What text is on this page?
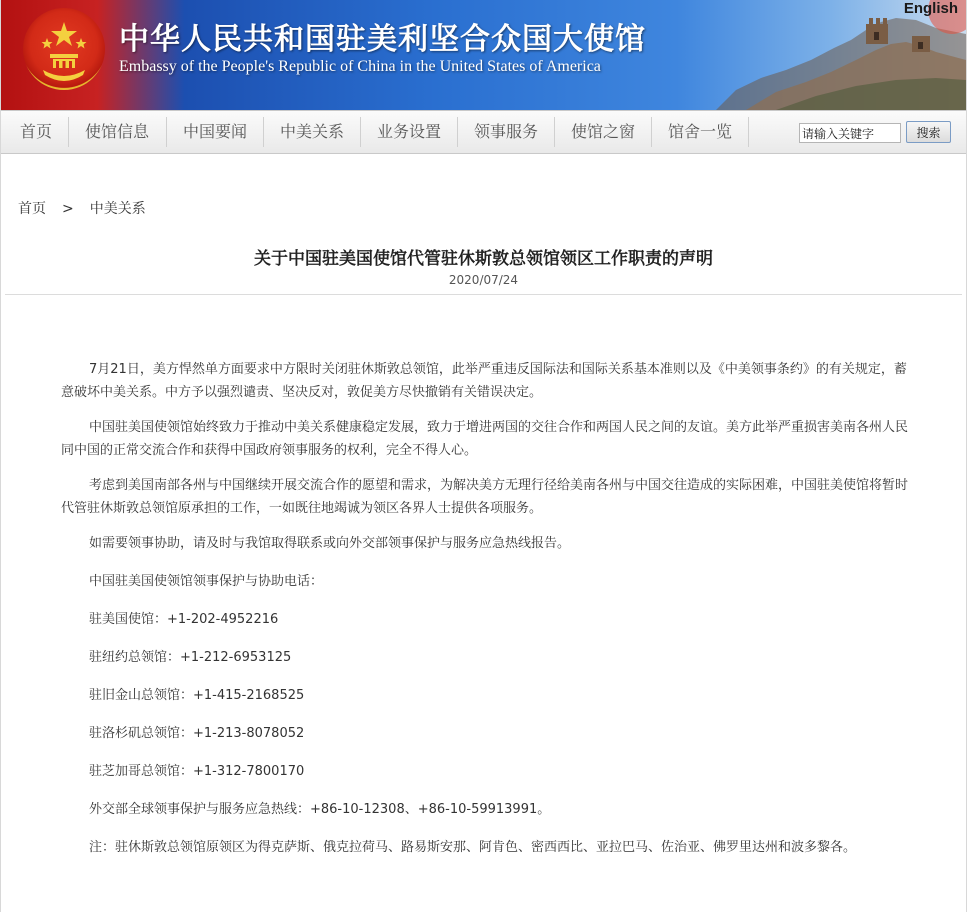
中华人民共和国驻美利坚合众国大使馆
Embassy of the People's Republic of China in the United States of America
English
首页	使馆信息	中国要闻	中美关系	业务设置	领事服务	使馆之窗	馆舍一览
请输入关键字	搜索
首页 > 中美关系
关于中国驻美国使馆代管驻休斯敦总领馆领区工作职责的声明
2020/07/24

7月21日，美方悍然单方面要求中方限时关闭驻休斯敦总领馆，此举严重违反国际法和国际关系基本准则以及《中美领事条约》的有关规定，蓄意破坏中美关系。中方予以强烈谴责、坚决反对，敦促美方尽快撤销有关错误决定。

中国驻美国使领馆始终致力于推动中美关系健康稳定发展，致力于增进两国的交往合作和两国人民之间的友谊。美方此举严重损害美南各州人民同中国的正常交流合作和获得中国政府领事服务的权利，完全不得人心。

考虑到美国南部各州与中国继续开展交流合作的愿望和需求，为解决美方无理行径给美南各州与中国交往造成的实际困难，中国驻美使馆将暂时代管驻休斯敦总领馆原承担的工作，一如既往地竭诚为领区各界人士提供各项服务。

如需要领事协助，请及时与我馆取得联系或向外交部领事保护与服务应急热线报告。

中国驻美国使领馆领事保护与协助电话：

驻美国使馆：+1-202-4952216

驻纽约总领馆：+1-212-6953125

驻旧金山总领馆：+1-415-2168525

驻洛杉矶总领馆：+1-213-8078052

驻芝加哥总领馆：+1-312-7800170

外交部全球领事保护与服务应急热线：+86-10-12308、+86-10-59913991。

注：驻休斯敦总领馆原领区为得克萨斯、俄克拉荷马、路易斯安那、阿肯色、密西西比、亚拉巴马、佐治亚、佛罗里达州和波多黎各。
